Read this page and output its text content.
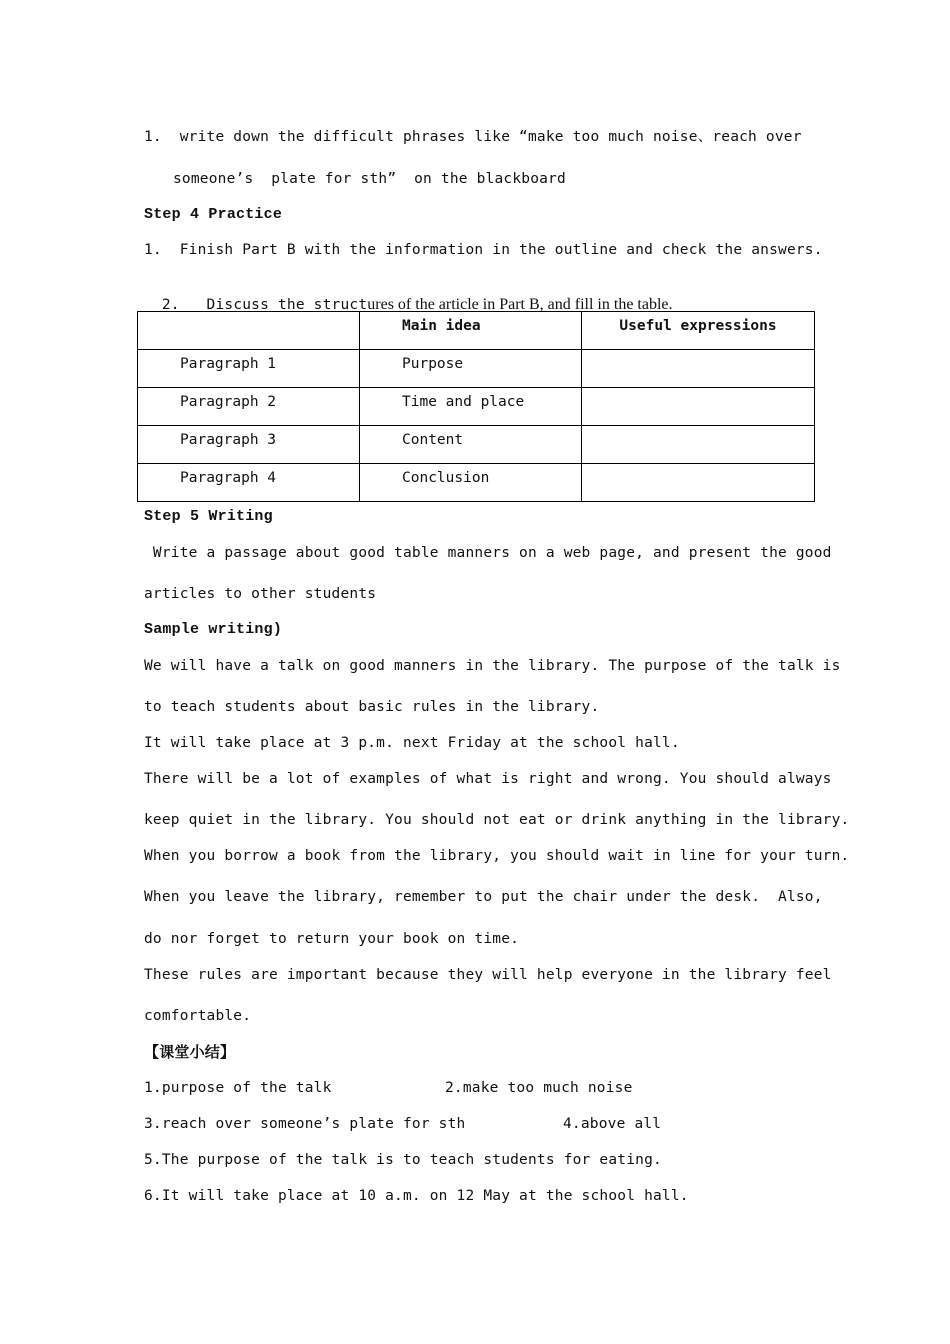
1.  write down the difficult phrases like “make too much noise、reach over
someone’s  plate for sth”  on the blackboard
Step 4 Practice
1.  Finish Part B with the information in the outline and check the answers.

2.   Discuss the structures of the article in Part B, and fill in the table.

	Main idea	Useful expressions

Paragraph 1	Purpose	

Paragraph 2	Time and place	

Paragraph 3	Content	

Paragraph 4	Conclusion	

Step 5 Writing
Write a passage about good table manners on a web page, and present the good
articles to other students
Sample writing)
We will have a talk on good manners in the library. The purpose of the talk is
to teach students about basic rules in the library.
It will take place at 3 p.m. next Friday at the school hall.
There will be a lot of examples of what is right and wrong. You should always
keep quiet in the library. You should not eat or drink anything in the library.
When you borrow a book from the library, you should wait in line for your turn.
When you leave the library, remember to put the chair under the desk.  Also,
do nor forget to return your book on time.
These rules are important because they will help everyone in the library feel
comfortable.
【课堂小结】
1.purpose of the talk	2.make too much noise
3.reach over someone’s plate for sth	4.above all
5.The purpose of the talk is to teach students for eating.
6.It will take place at 10 a.m. on 12 May at the school hall.
